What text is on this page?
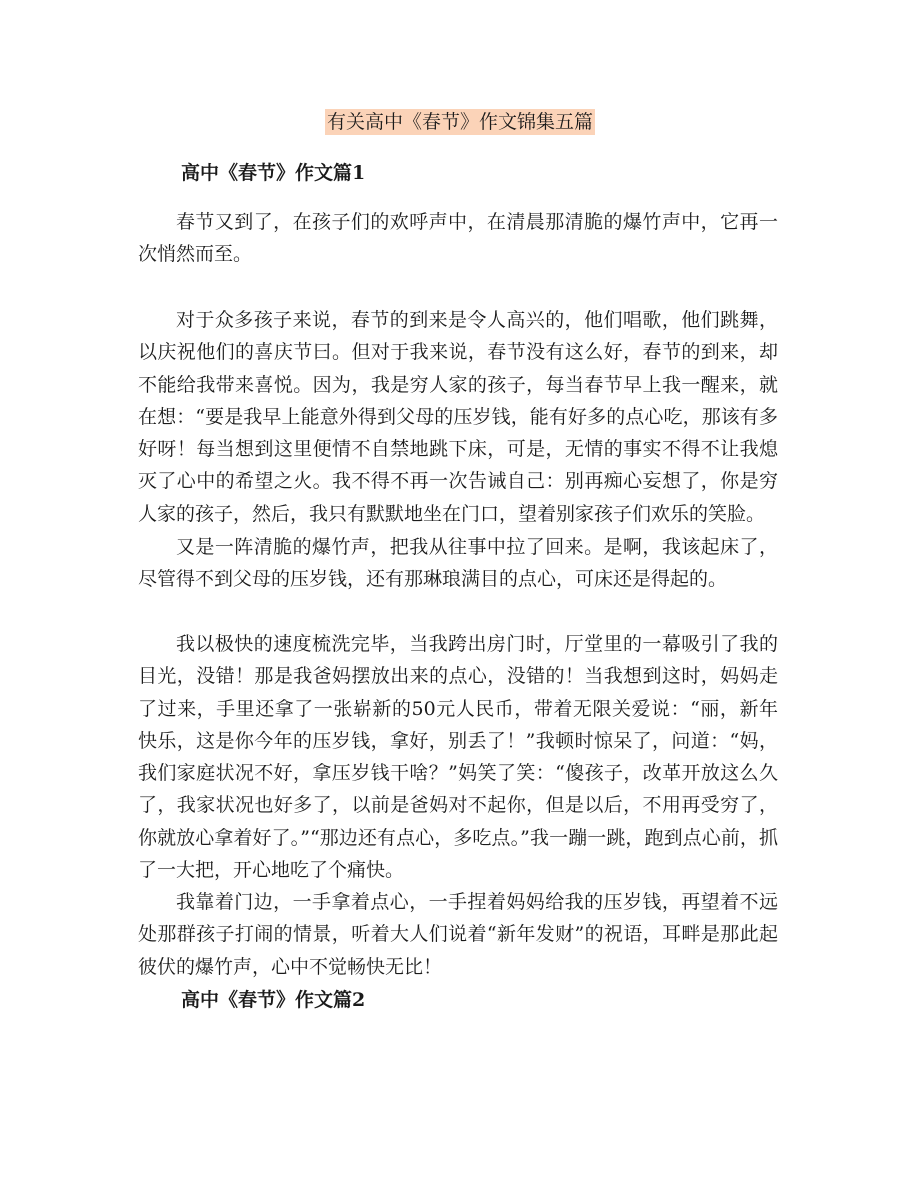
有关高中《春节》作文锦集五篇
高中《春节》作文篇1

春节又到了，在孩子们的欢呼声中，在清晨那清脆的爆竹声中，它再一次悄然而至。

对于众多孩子来说，春节的到来是令人高兴的，他们唱歌，他们跳舞，以庆祝他们的喜庆节曰。但对于我来说，春节没有这么好，春节的到来，却不能给我带来喜悦。因为，我是穷人家的孩子，每当春节早上我一醒来，就在想：“要是我早上能意外得到父母的压岁钱，能有好多的点心吃，那该有多好呀！每当想到这里便情不自禁地跳下床，可是，无情的事实不得不让我熄灭了心中的希望之火。我不得不再一次告诫自己：别再痴心妄想了，你是穷人家的孩子，然后，我只有默默地坐在门口，望着别家孩子们欢乐的笑脸。

又是一阵清脆的爆竹声，把我从往事中拉了回来。是啊，我该起床了，尽管得不到父母的压岁钱，还有那琳琅满目的点心，可床还是得起的。

我以极快的速度梳洗完毕，当我跨出房门时，厅堂里的一幕吸引了我的目光，没错！那是我爸妈摆放出来的点心，没错的！当我想到这时，妈妈走了过来，手里还拿了一张崭新的50元人民币，带着无限关爱说：“丽，新年快乐，这是你今年的压岁钱，拿好，别丢了！”我顿时惊呆了，问道：“妈，我们家庭状况不好，拿压岁钱干啥？”妈笑了笑：“傻孩子，改革开放这么久了，我家状况也好多了，以前是爸妈对不起你，但是以后，不用再受穷了，你就放心拿着好了。”“那边还有点心，多吃点。”我一蹦一跳，跑到点心前，抓了一大把，开心地吃了个痛快。

我靠着门边，一手拿着点心，一手捏着妈妈给我的压岁钱，再望着不远处那群孩子打闹的情景，听着大人们说着“新年发财”的祝语，耳畔是那此起彼伏的爆竹声，心中不觉畅快无比！

高中《春节》作文篇2
